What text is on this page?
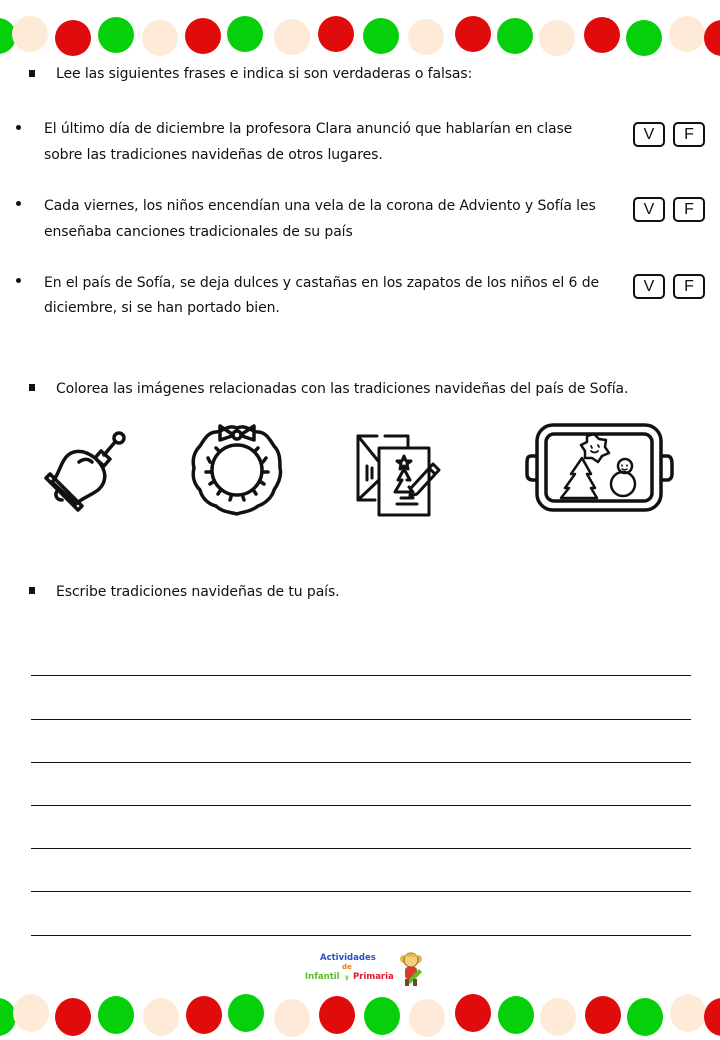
Lee las siguientes frases e indica si son verdaderas o falsas:
El último día de diciembre la profesora Clara anunció que hablarían en clase
sobre las tradiciones navideñas de otros lugares.
V	F
Cada viernes, los niños encendían una vela de la corona de Adviento y Sofía les
enseñaba canciones tradicionales de su país
V	F
En el país de Sofía, se deja dulces y castañas en los zapatos de los niños el 6 de
diciembre, si se han portado bien.
V	F
Colorea las imágenes relacionadas con las tradiciones navideñas del país de Sofía.
Escribe tradiciones navideñas de tu país.
Actividades
de
Infantil y Primaria
